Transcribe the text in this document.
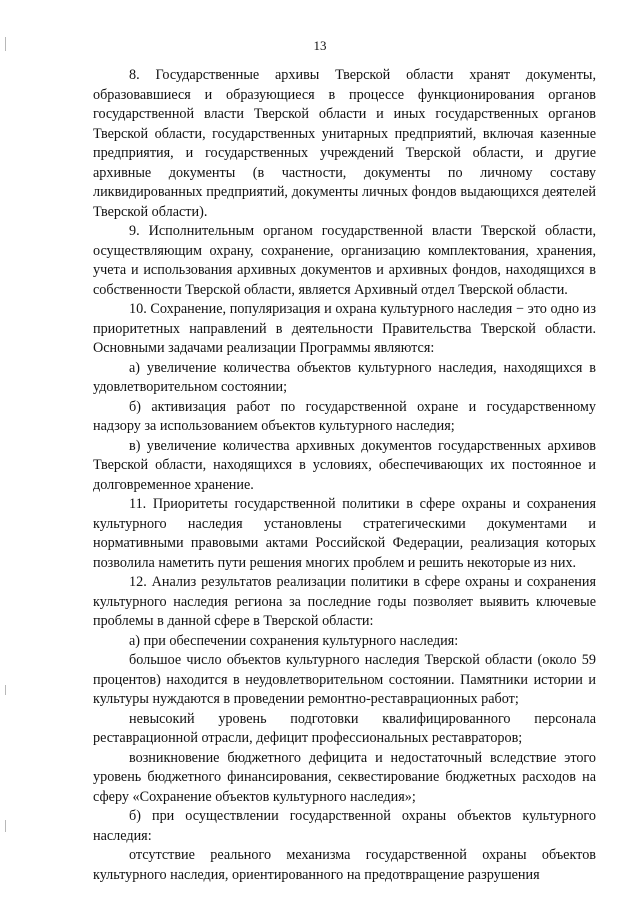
13

8. Государственные архивы Тверской области хранят документы, образовавшиеся и образующиеся в процессе функционирования органов государственной власти Тверской области и иных государственных органов Тверской области, государственных унитарных предприятий, включая казенные предприятия, и государственных учреждений Тверской области, и другие архивные документы (в частности, документы по личному составу ликвидированных предприятий, документы личных фондов выдающихся деятелей Тверской области).

9. Исполнительным органом государственной власти Тверской области, осуществляющим охрану, сохранение, организацию комплектования, хранения, учета и использования архивных документов и архивных фондов, находящихся в собственности Тверской области, является Архивный отдел Тверской области.

10. Сохранение, популяризация и охрана культурного наследия − это одно из приоритетных направлений в деятельности Правительства Тверской области. Основными задачами реализации Программы являются:

а) увеличение количества объектов культурного наследия, находящихся в удовлетворительном состоянии;

б) активизация работ по государственной охране и государственному надзору за использованием объектов культурного наследия;

в) увеличение количества архивных документов государственных архивов Тверской области, находящихся в условиях, обеспечивающих их постоянное и долговременное хранение.

11. Приоритеты государственной политики в сфере охраны и сохранения культурного наследия установлены стратегическими документами и нормативными правовыми актами Российской Федерации, реализация которых позволила наметить пути решения многих проблем и решить некоторые из них.

12. Анализ результатов реализации политики в сфере охраны и сохранения культурного наследия региона за последние годы позволяет выявить ключевые проблемы в данной сфере в Тверской области:

а) при обеспечении сохранения культурного наследия:

большое число объектов культурного наследия Тверской области (около 59 процентов) находится в неудовлетворительном состоянии. Памятники истории и культуры нуждаются в проведении ремонтно-реставрационных работ;

невысокий уровень подготовки квалифицированного персонала реставрационной отрасли, дефицит профессиональных реставраторов;

возникновение бюджетного дефицита и недостаточный вследствие этого уровень бюджетного финансирования, секвестирование бюджетных расходов на сферу «Сохранение объектов культурного наследия»;

б) при осуществлении государственной охраны объектов культурного наследия:

отсутствие реального механизма государственной охраны объектов культурного наследия, ориентированного на предотвращение разрушения
